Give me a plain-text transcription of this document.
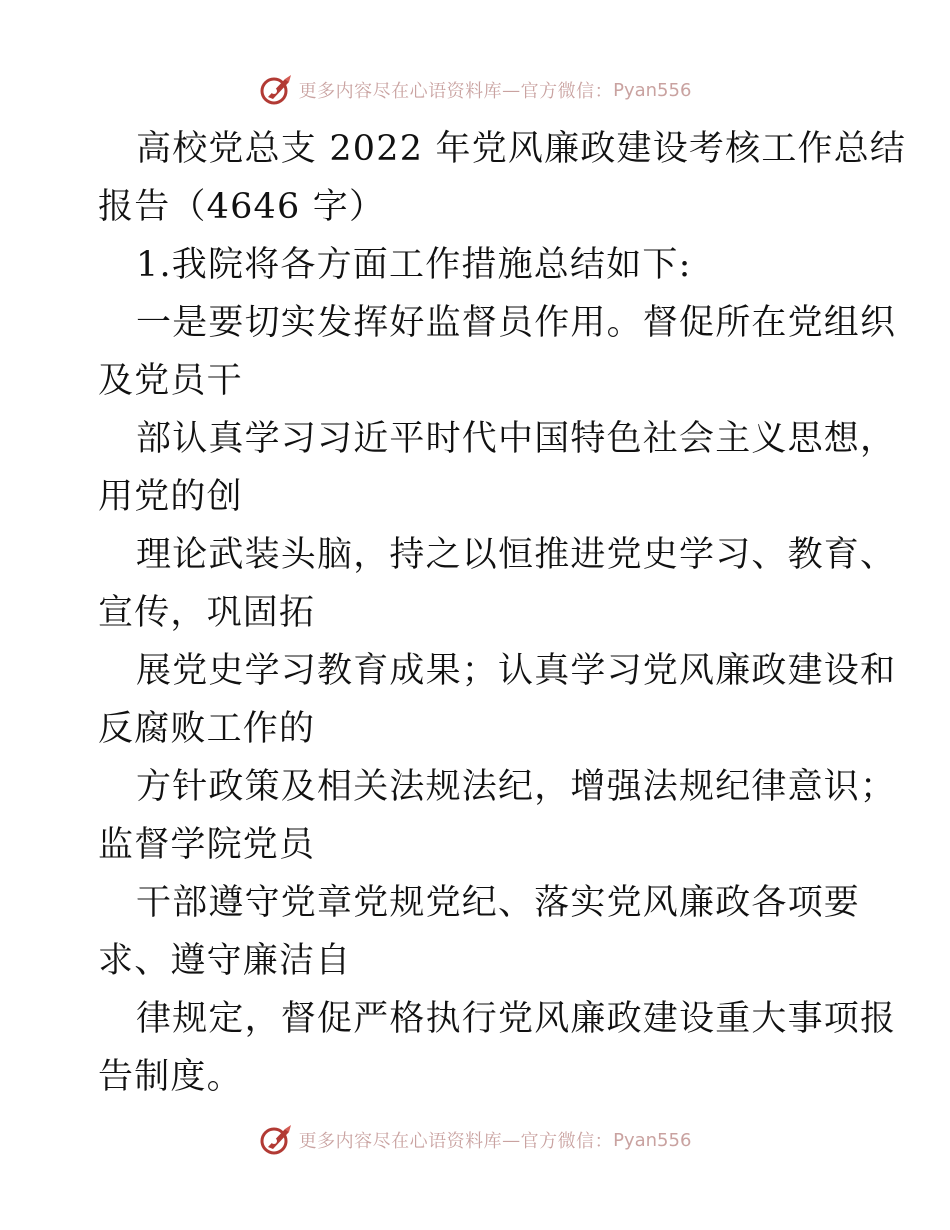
更多内容尽在心语资料库 — 官方微信： Pyan556
高校党总支 2022 年党风廉政建设考核工作总结
报告（4646 字）
1.我院将各方面工作措施总结如下:
一是要切实发挥好监督员作用。督促所在党组织
及党员干
部认真学习习近平时代中国特色社会主义思想，
用党的创
理论武装头脑，持之以恒推进党史学习、教育、
宣传，巩固拓
展党史学习教育成果；认真学习党风廉政建设和
反腐败工作的
方针政策及相关法规法纪，增强法规纪律意识；
监督学院党员
干部遵守党章党规党纪、落实党风廉政各项要
求、遵守廉洁自
律规定，督促严格执行党风廉政建设重大事项报
告制度。
更多内容尽在心语资料库 — 官方微信： Pyan556
